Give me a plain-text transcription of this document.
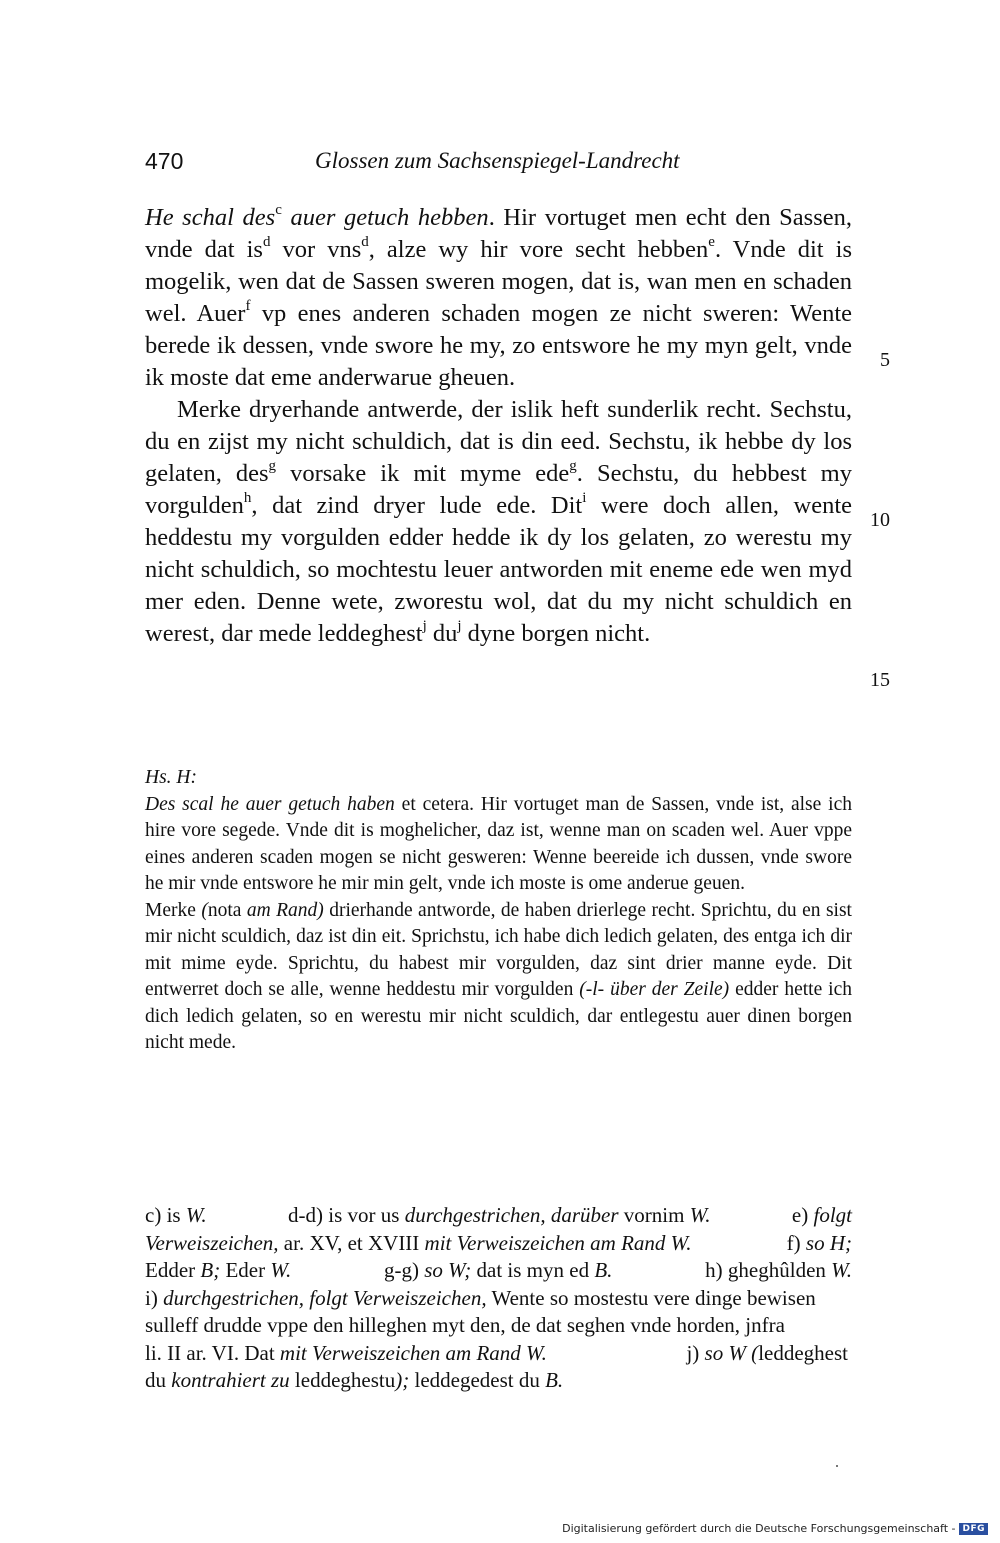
470	Glossen zum Sachsenspiegel-Landrecht

He schal des$^c$ auer getuch hebben. Hir vortuget men echt den Sassen, vnde dat $is^d$ vor vns$^d$, alze wy hir vore secht hebben$^e$. Vnde dit is mogelik, wen dat de Sassen sweren mogen, dat is, wan men en schaden wel. Auer$^f$ vp enes anderen schaden mogen ze nicht sweren: Wente berede ik dessen, vnde swore he my, zo entswore he my myn gelt, vnde ik moste dat eme anderwarue gheuen.

Merke dryerhande antwerde, der islik heft sunderlik recht. Sechstu, du en zijst my nicht schuldich, dat is din eed. Sechstu, ik hebbe dy los gelaten, des$^g$ vorsake ik mit myme ede$^g$. Sechstu, du hebbest my vorgulden$^h$, dat zind dryer lude ede. Dit$^i$ were doch allen, wente heddestu my vorgulden edder hedde ik dy los gelaten, zo werestu my nicht schuldich, so mochtestu leuer antworden mit eneme ede wen myd mer eden. Denne wete, zworestu wol, dat du my nicht schuldich en werest, dar mede leddeghest$^j$ $du^j$ dyne borgen nicht.

5
10
15

Hs. H:

Des scal he auer getuch haben et cetera. Hir vortuget man de Sassen, vnde ist, alse ich hire vore segede. Vnde dit is moghelicher, daz ist, wenne man on scaden wel. Auer vppe eines anderen scaden mogen se nicht gesweren: Wenne beereide ich dussen, vnde swore he mir vnde entswore he mir min gelt, vnde ich moste is ome anderue geuen.

Merke (nota am Rand) drierhande antworde, de haben drierlege recht. Sprichtu, du en sist mir nicht sculdich, daz ist din eit. Sprichstu, ich habe dich ledich gelaten, des entga ich dir mit mime eyde. Sprichtu, du habest mir vorgulden, daz sint drier manne eyde. Dit entwerret doch se alle, wenne heddestu mir vorgulden (-l- über der Zeile) edder hette ich dich ledich gelaten, so en werestu mir nicht sculdich, dar entlegestu auer dinen borgen nicht mede.

c) is W.	d-d) is vor us durchgestrichen, darüber vornim W.	e) folgt
Verweiszeichen, ar. XV, et XVIII mit Verweiszeichen am Rand W.	f) so H;
Edder B; Eder W.	g-g) so W; dat is myn ed B.	h) gheghûlden W.
i) durchgestrichen, folgt Verweiszeichen, Wente so mostestu vere dinge bewisen
sulleff drudde vppe den hilleghen myt den, de dat seghen vnde horden, jnfra
li. II ar. VI. Dat mit Verweiszeichen am Rand W.	j) so W (leddeghest
du kontrahiert zu leddeghestu); leddegedest du B.
Digitalisierung gefördert durch die Deutsche Forschungsgemeinschaft - DFG
